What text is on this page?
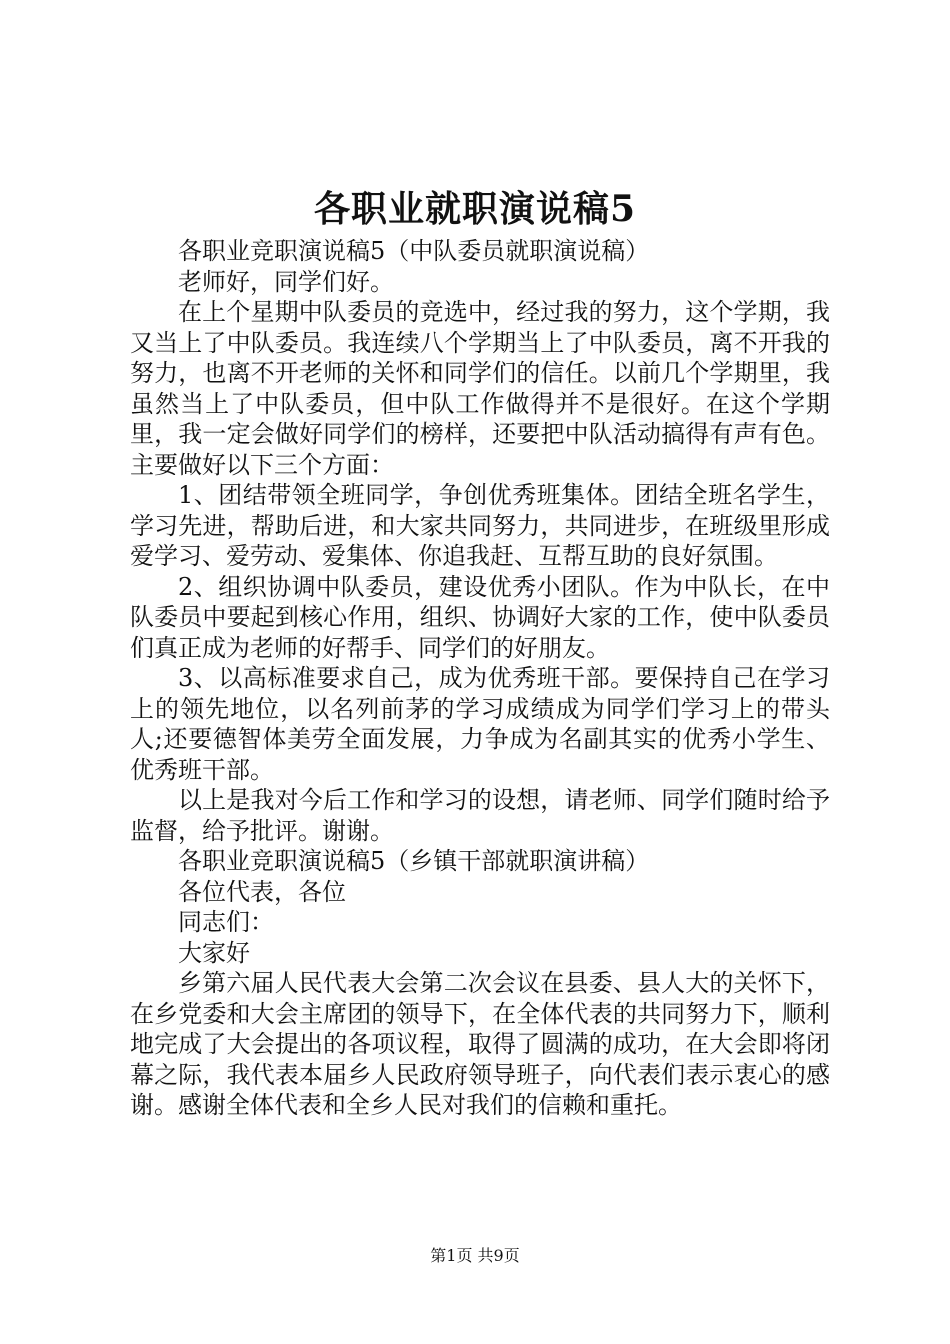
各职业就职演说稿5

各职业竞职演说稿5（中队委员就职演说稿）

老师好，同学们好。

在上个星期中队委员的竞选中，经过我的努力，这个学期，我又当上了中队委员。我连续八个学期当上了中队委员，离不开我的努力，也离不开老师的关怀和同学们的信任。以前几个学期里，我虽然当上了中队委员，但中队工作做得并不是很好。在这个学期里，我一定会做好同学们的榜样，还要把中队活动搞得有声有色。主要做好以下三个方面：

1、团结带领全班同学，争创优秀班集体。团结全班名学生，学习先进，帮助后进，和大家共同努力，共同进步，在班级里形成爱学习、爱劳动、爱集体、你追我赶、互帮互助的良好氛围。

2、组织协调中队委员，建设优秀小团队。作为中队长，在中队委员中要起到核心作用，组织、协调好大家的工作，使中队委员们真正成为老师的好帮手、同学们的好朋友。

3、以高标准要求自己，成为优秀班干部。要保持自己在学习上的领先地位，以名列前茅的学习成绩成为同学们学习上的带头人;还要德智体美劳全面发展，力争成为名副其实的优秀小学生、优秀班干部。

以上是我对今后工作和学习的设想，请老师、同学们随时给予监督，给予批评。谢谢。

各职业竞职演说稿5（乡镇干部就职演讲稿）

各位代表，各位

同志们：

大家好

乡第六届人民代表大会第二次会议在县委、县人大的关怀下，在乡党委和大会主席团的领导下，在全体代表的共同努力下，顺利地完成了大会提出的各项议程，取得了圆满的成功，在大会即将闭幕之际，我代表本届乡人民政府领导班子，向代表们表示衷心的感谢。感谢全体代表和全乡人民对我们的信赖和重托。

第1页 共9页
